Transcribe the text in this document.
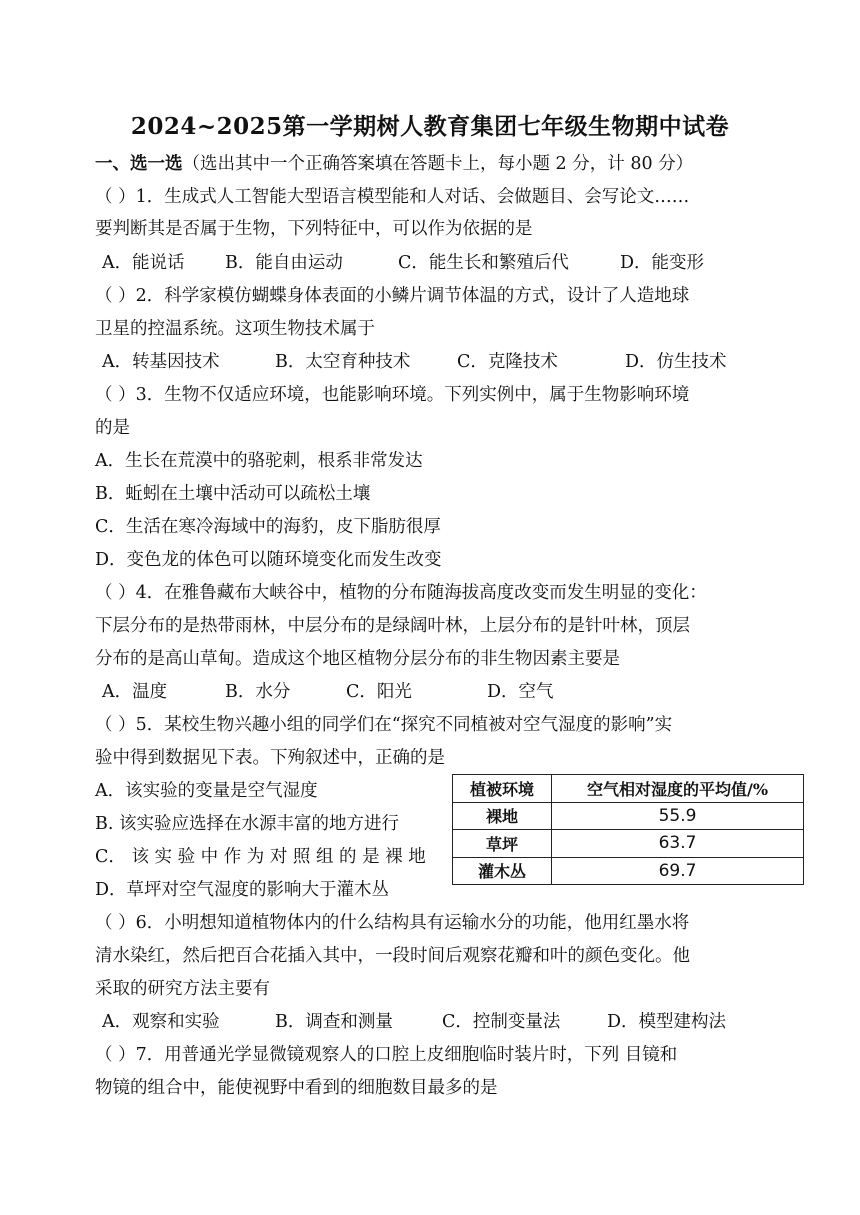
2024~2025第一学期树人教育集团七年级生物期中试卷
一、选一选（选出其中一个正确答案填在答题卡上，每小题 2 分，计 80 分）
（ ）1．生成式人工智能大型语言模型能和人对话、会做题目、会写论文……
要判断其是否属于生物，下列特征中，可以作为依据的是
A．能说话 B．能自由运动	C．能生长和繁殖后代	D．能变形
（ ）2．科学家模仿蝴蝶身体表面的小鳞片调节体温的方式，设计了人造地球
卫星的控温系统。这项生物技术属于
A．转基因技术	B．太空育种技术	C．克隆技术	D．仿生技术
（ ）3．生物不仅适应环境，也能影响环境。下列实例中，属于生物影响环境
的是
A．生长在荒漠中的骆驼刺，根系非常发达
B．蚯蚓在土壤中活动可以疏松土壤
C．生活在寒冷海域中的海豹，皮下脂肪很厚
D．变色龙的体色可以随环境变化而发生改变
（ ）4．在雅鲁藏布大峡谷中，植物的分布随海拔高度改变而发生明显的变化：
下层分布的是热带雨林，中层分布的是绿阔叶林，上层分布的是针叶林，顶层
分布的是高山草甸。造成这个地区植物分层分布的非生物因素主要是
A．温度	B．水分	C．阳光	D．空气
（ ）5．某校生物兴趣小组的同学们在“探究不同植被对空气湿度的影响”实
验中得到数据见下表。下殉叙述中，正确的是
A．该实验的变量是空气湿度
B. 该实验应选择在水源丰富的地方进行
C． 该 实 验 中 作 为 对 照 组 的 是 裸 地
D．草坪对空气湿度的影响大于灌木丛
植被环境	空气相对湿度的平均值/%
裸地	55.9
草坪	63.7
灌木丛	69.7
（ ）6．小明想知道植物体内的什么结构具有运输水分的功能，他用红墨水将
清水染红，然后把百合花插入其中，一段时间后观察花瓣和叶的颜色变化。他
采取的研究方法主要有
A．观察和实验	B．调查和测量	C．控制变量法	D．模型建构法
（ ）7．用普通光学显微镜观察人的口腔上皮细胞临时装片时，下列 目镜和
物镜的组合中，能使视野中看到的细胞数目最多的是
